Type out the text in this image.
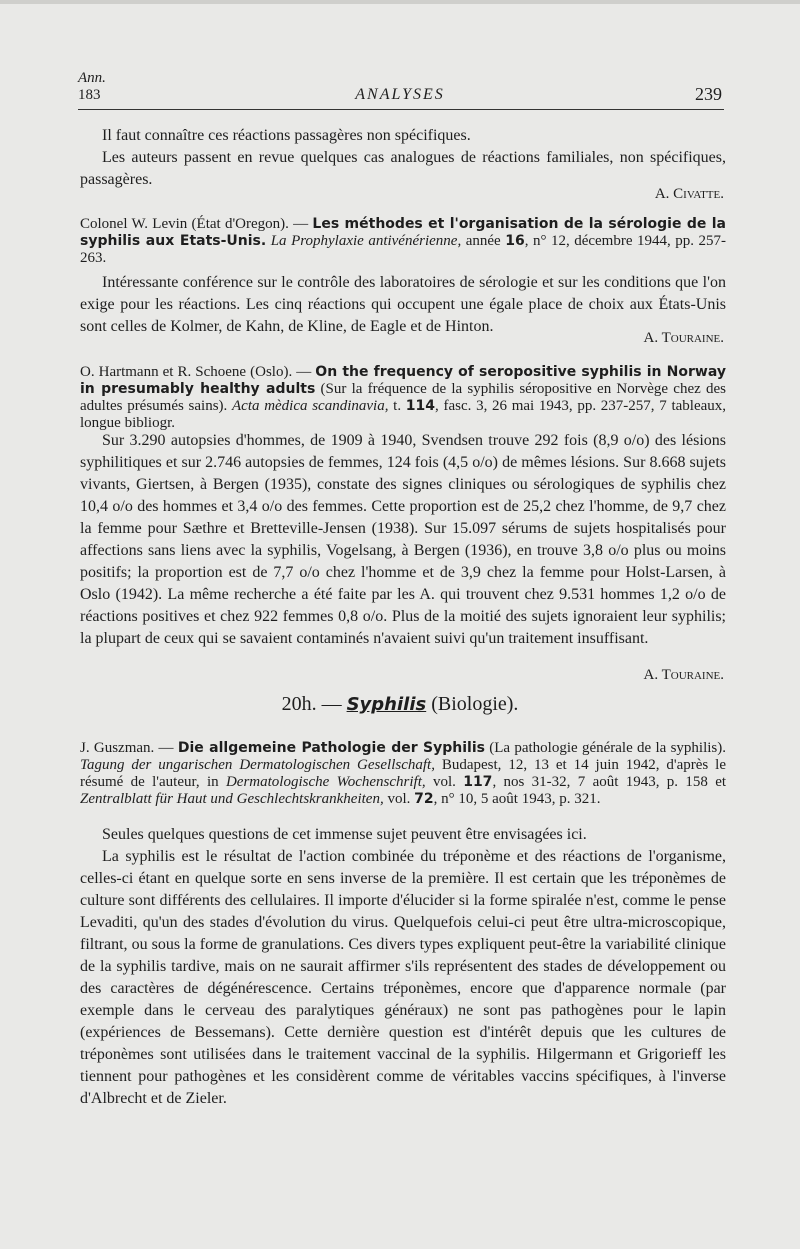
Ann.
183	ANALYSES	239

Il faut connaître ces réactions passagères non spécifiques.

Les auteurs passent en revue quelques cas analogues de réactions familiales, non spécifiques, passagères.

A. Civatte.
Colonel W. Levin (État d'Oregon). — Les méthodes et l'organisation de la sérologie de la syphilis aux Etats-Unis. La Prophylaxie antivénérienne, année 16, n° 12, décembre 1944, pp. 257-263.

Intéressante conférence sur le contrôle des laboratoires de sérologie et sur les conditions que l'on exige pour les réactions. Les cinq réactions qui occupent une égale place de choix aux États-Unis sont celles de Kolmer, de Kahn, de Kline, de Eagle et de Hinton.

A. Touraine.
O. Hartmann et R. Schoene (Oslo). — On the frequency of seropositive syphilis in Norway in presumably healthy adults (Sur la fréquence de la syphilis séropositive en Norvège chez des adultes présumés sains). Acta mèdica scandinavia, t. 114, fasc. 3, 26 mai 1943, pp. 237-257, 7 tableaux, longue bibliogr.

Sur 3.290 autopsies d'hommes, de 1909 à 1940, Svendsen trouve 292 fois (8,9 o/o) des lésions syphilitiques et sur 2.746 autopsies de femmes, 124 fois (4,5 o/o) de mêmes lésions. Sur 8.668 sujets vivants, Giertsen, à Bergen (1935), constate des signes cliniques ou sérologiques de syphilis chez 10,4 o/o des hommes et 3,4 o/o des femmes. Cette proportion est de 25,2 chez l'homme, de 9,7 chez la femme pour Sæthre et Bretteville-Jensen (1938). Sur 15.097 sérums de sujets hospitalisés pour affections sans liens avec la syphilis, Vogelsang, à Bergen (1936), en trouve 3,8 o/o plus ou moins positifs; la proportion est de 7,7 o/o chez l'homme et de 3,9 chez la femme pour Holst-Larsen, à Oslo (1942). La même recherche a été faite par les A. qui trouvent chez 9.531 hommes 1,2 o/o de réactions positives et chez 922 femmes 0,8 o/o. Plus de la moitié des sujets ignoraient leur syphilis; la plupart de ceux qui se savaient contaminés n'avaient suivi qu'un traitement insuffisant.

A. Touraine.
20h. — Syphilis (Biologie).
J. Guszman. — Die allgemeine Pathologie der Syphilis (La pathologie générale de la syphilis). Tagung der ungarischen Dermatologischen Gesellschaft, Budapest, 12, 13 et 14 juin 1942, d'après le résumé de l'auteur, in Dermatologische Wochenschrift, vol. 117, nos 31-32, 7 août 1943, p. 158 et Zentralblatt für Haut und Geschlechtskrankheiten, vol. 72, n° 10, 5 août 1943, p. 321.

Seules quelques questions de cet immense sujet peuvent être envisagées ici.

La syphilis est le résultat de l'action combinée du tréponème et des réactions de l'organisme, celles-ci étant en quelque sorte en sens inverse de la première. Il est certain que les tréponèmes de culture sont différents des cellulaires. Il importe d'élucider si la forme spiralée n'est, comme le pense Levaditi, qu'un des stades d'évolution du virus. Quelquefois celui-ci peut être ultra-microscopique, filtrant, ou sous la forme de granulations. Ces divers types expliquent peut-être la variabilité clinique de la syphilis tardive, mais on ne saurait affirmer s'ils représentent des stades de développement ou des caractères de dégénérescence. Certains tréponèmes, encore que d'apparence normale (par exemple dans le cerveau des paralytiques généraux) ne sont pas pathogènes pour le lapin (expériences de Bessemans). Cette dernière question est d'intérêt depuis que les cultures de tréponèmes sont utilisées dans le traitement vaccinal de la syphilis. Hilgermann et Grigorieff les tiennent pour pathogènes et les considèrent comme de véritables vaccins spécifiques, à l'inverse d'Albrecht et de Zieler.
